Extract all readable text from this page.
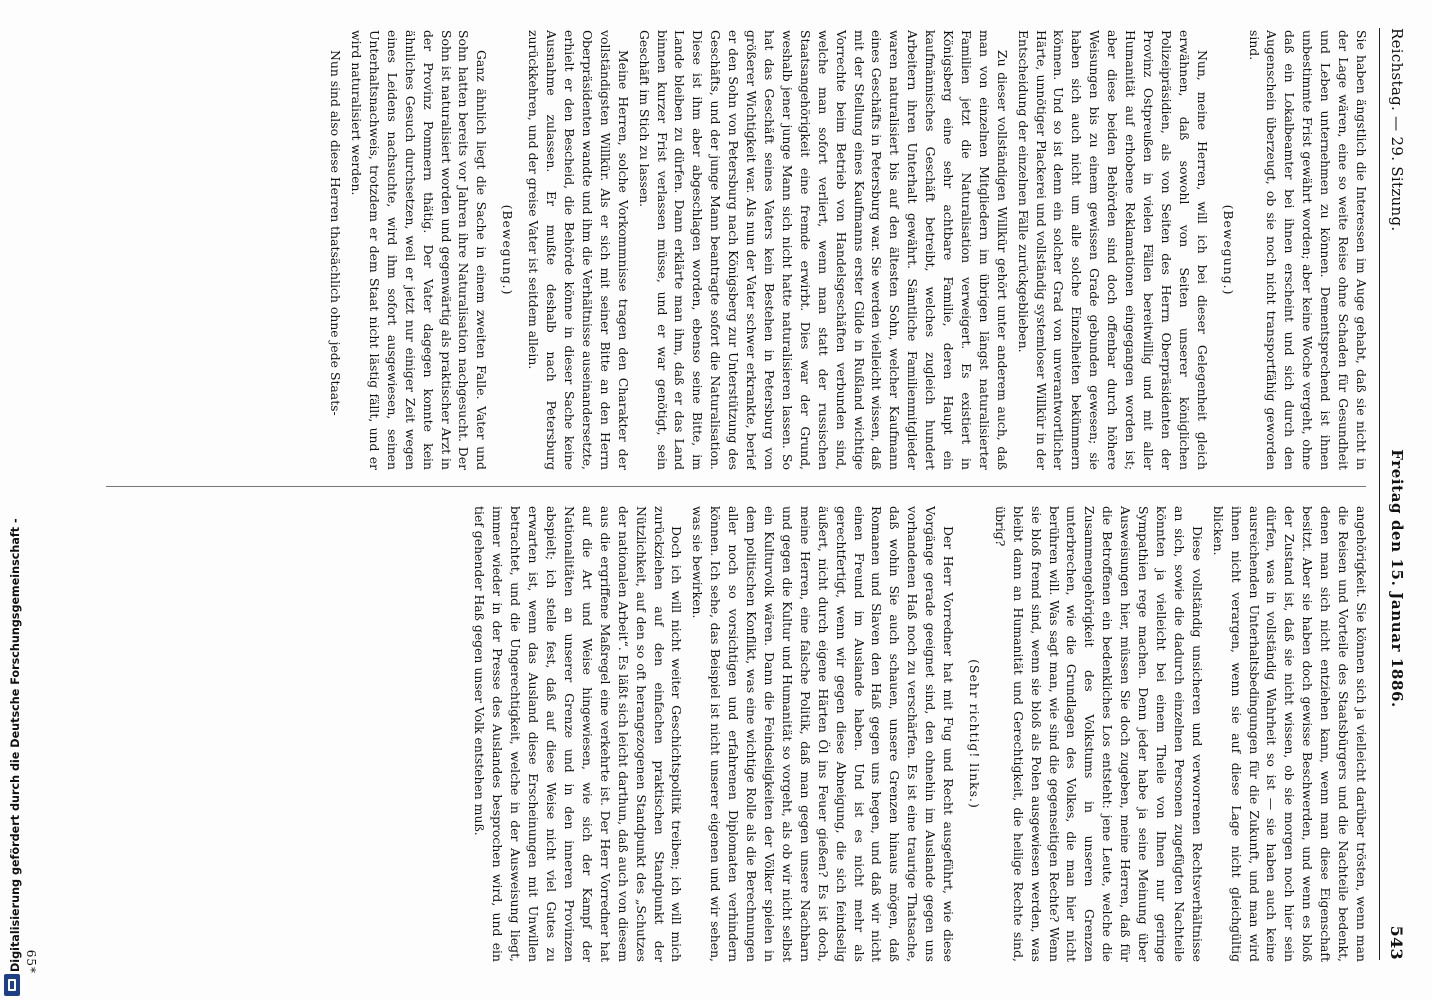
Reichstag. — 29. Sitzung.
Freitag den 15. Januar 1886.
543

Sie haben ängstlich die Interessen im Auge gehabt, daß sie nicht in der Lage wären, eine so weite Reise ohne Schaden für Gesundheit und Leben unternehmen zu können. Dementsprechend ist ihnen unbestimmte Frist gewährt worden; aber keine Woche vergeht, ohne daß ein Lokalbeamter bei ihnen erscheint und sich durch den Augenschein überzeugt, ob sie noch nicht transportfähig geworden sind.

(Bewegung.)

Nun, meine Herren, will ich bei dieser Gelegenheit gleich erwähnen, daß sowohl von Seiten unserer königlichen Polizeipräsidien, als von Seiten des Herrn Oberpräsidenten der Provinz Ostpreußen in vielen Fällen bereitwillig und mit aller Humanität auf erhobene Reklamationen eingegangen worden ist; aber diese beiden Behörden sind doch offenbar durch höhere Weisungen bis zu einem gewissen Grade gebunden gewesen; sie haben sich auch nicht um alle solche Einzelheiten bekümmern können. Und so ist denn ein solcher Grad von unverantwortlicher Härte, unnötiger Plackerei und vollständig systemloser Willkür in der Entscheidung der einzelnen Fälle zurückgeblieben.

Zu dieser vollständigen Willkür gehört unter anderem auch, daß man von einzelnen Mitgliedern im übrigen längst naturalisierter Familien jetzt die Naturalisation verweigert. Es existiert in Königsberg eine sehr achtbare Familie, deren Haupt ein kaufmännisches Geschäft betreibt, welches zugleich hundert Arbeitern ihren Unterhalt gewährt. Sämtliche Familienmitglieder waren naturalisiert bis auf den ältesten Sohn, welcher Kaufmann eines Geschäfts in Petersburg war. Sie werden vielleicht wissen, daß mit der Stellung eines Kaufmanns erster Gilde in Rußland wichtige Vorrechte beim Betrieb von Handelsgeschäften verbunden sind, welche man sofort verliert, wenn man statt der russischen Staatsangehörigkeit eine fremde erwirbt. Dies war der Grund, weshalb jener junge Mann sich nicht hatte naturalisieren lassen. So hat das Geschäft seines Vaters kein Bestehen in Petersburg von größerer Wichtigkeit war. Als nun der Vater schwer erkrankte, berief er den Sohn von Petersburg nach Königsberg zur Unterstützung des Geschäfts, und der junge Mann beantragte sofort die Naturalisation. Diese ist ihm aber abgeschlagen worden, ebenso seine Bitte, im Lande bleiben zu dürfen. Dann erklärte man ihm, daß er das Land binnen kurzer Frist verlassen müsse, und er war genötigt, sein Geschäft im Stich zu lassen.

Meine Herren, solche Vorkommnisse tragen den Charakter der vollständigsten Willkür. Als er sich mit seiner Bitte an den Herrn Oberpräsidenten wandte und ihm die Verhältnisse auseinandersetzte, erhielt er den Bescheid, die Behörde könne in dieser Sache keine Ausnahme zulassen. Er mußte deshalb nach Petersburg zurückkehren, und der greise Vater ist seitdem allein.

(Bewegung.)

Ganz ähnlich liegt die Sache in einem zweiten Falle. Vater und Sohn hatten bereits vor Jahren ihre Naturalisation nachgesucht. Der Sohn ist naturalisiert worden und gegenwärtig als praktischer Arzt in der Provinz Pommern thätig. Der Vater dagegen konnte kein ähnliches Gesuch durchsetzen, weil er jetzt nur einiger Zeit wegen eines Leidens nachsuchte, wird ihm sofort ausgewiesen, seinen Unterhaltsnachweis, trotzdem er dem Staat nicht lästig fällt, und er wird naturalisiert werden.

Nun sind also diese Herren thatsächlich ohne jede Staats-

angehörigkeit. Sie können sich ja vielleicht darüber trösten, wenn man die Reisen und Vorteile des Staatsbürgers und die Nachteile bedenkt, denen man sich nicht entziehen kann, wenn man diese Eigenschaft besitzt. Aber sie haben doch gewisse Beschwerden, und wenn es bloß der Zustand ist, daß sie nicht wissen, ob sie morgen noch hier sein dürfen, was in vollständig Wahrheit so ist — sie haben auch keine ausreichenden Unterhaltsbedingungen für die Zukunft, und man wird ihnen nicht verargen, wenn sie auf diese Lage nicht gleichgültig blicken.

Diese vollständig unsicheren und verworrenen Rechtsverhältnisse an sich, sowie die dadurch einzelnen Personen zugefügten Nachteile könnten ja vielleicht bei einem Theile von Ihnen nur geringe Sympathien rege machen. Denn jeder habe ja seine Meinung über Ausweisungen hier, müssen Sie doch zugeben, meine Herren, daß für die Betroffenen ein bedenkliches Los entsteht: jene Leute, welche die Zusammengehörigkeit des Volkstums in unseren Grenzen unterbrechen, wie die Grundlagen des Volkes, die man hier nicht berühren will. Was sagt man, wie sind die gegenseitigen Rechte? Wenn sie bloß fremd sind, wenn sie bloß als Polen ausgewiesen werden, was bleibt dann an Humanität und Gerechtigkeit, die heilige Rechte sind, übrig?

(Sehr richtig! links.)

Der Herr Vorredner hat mit Fug und Recht ausgeführt, wie diese Vorgänge gerade geeignet sind, den ohnehin im Auslande gegen uns vorhandenen Haß noch zu verschärfen. Es ist eine traurige Thatsache, daß wohin Sie auch schauen, unsere Grenzen hinaus mögen, daß Romanen und Slaven den Haß gegen uns hegen, und daß wir nicht einen Freund im Auslande haben. Und ist es nicht mehr als gerechtfertigt, wenn wir gegen diese Abneigung, die sich feindselig äußert, nicht durch eigene Härten Öl ins Feuer gießen? Es ist doch, meine Herren, eine falsche Politik, daß man gegen unsere Nachbarn und gegen die Kultur und Humanität so vorgeht, als ob wir nicht selbst ein Kulturvolk wären. Dann die Feindseligkeiten der Völker spielen in dem politischen Konflikt, was eine wichtige Rolle als die Berechnungen aller noch so vorsichtigen und erfahrenen Diplomaten verhindern können. Ich sehe, das Beispiel ist nicht unserer eigenen und wir sehen, was sie bewirken.

Doch ich will nicht weiter Geschichtspolitik treiben; ich will mich zurückziehen auf den einfachen praktischen Standpunkt der Nützlichkeit, auf den so oft herangezogenen Standpunkt des „Schutzes der nationalen Arbeit“. Es läßt sich leicht darthun, daß auch von diesem aus die ergriffene Maßregel eine verkehrte ist. Der Herr Vorredner hat auf die Art und Weise hingewiesen, wie sich der Kampf der Nationalitäten an unserer Grenze und in den inneren Provinzen abspielt; ich stelle fest, daß auf diese Weise nicht viel Gutes zu erwarten ist, wenn das Ausland diese Erscheinungen mit Unwillen betrachtet, und die Ungerechtigkeit, welche in der Ausweisung liegt, immer wieder in der Presse des Auslandes besprochen wird, und ein tief gehender Haß gegen unser Volk entstehen muß.

65*
Digitalisierung gefördert durch die Deutsche Forschungsgemeinschaft -
